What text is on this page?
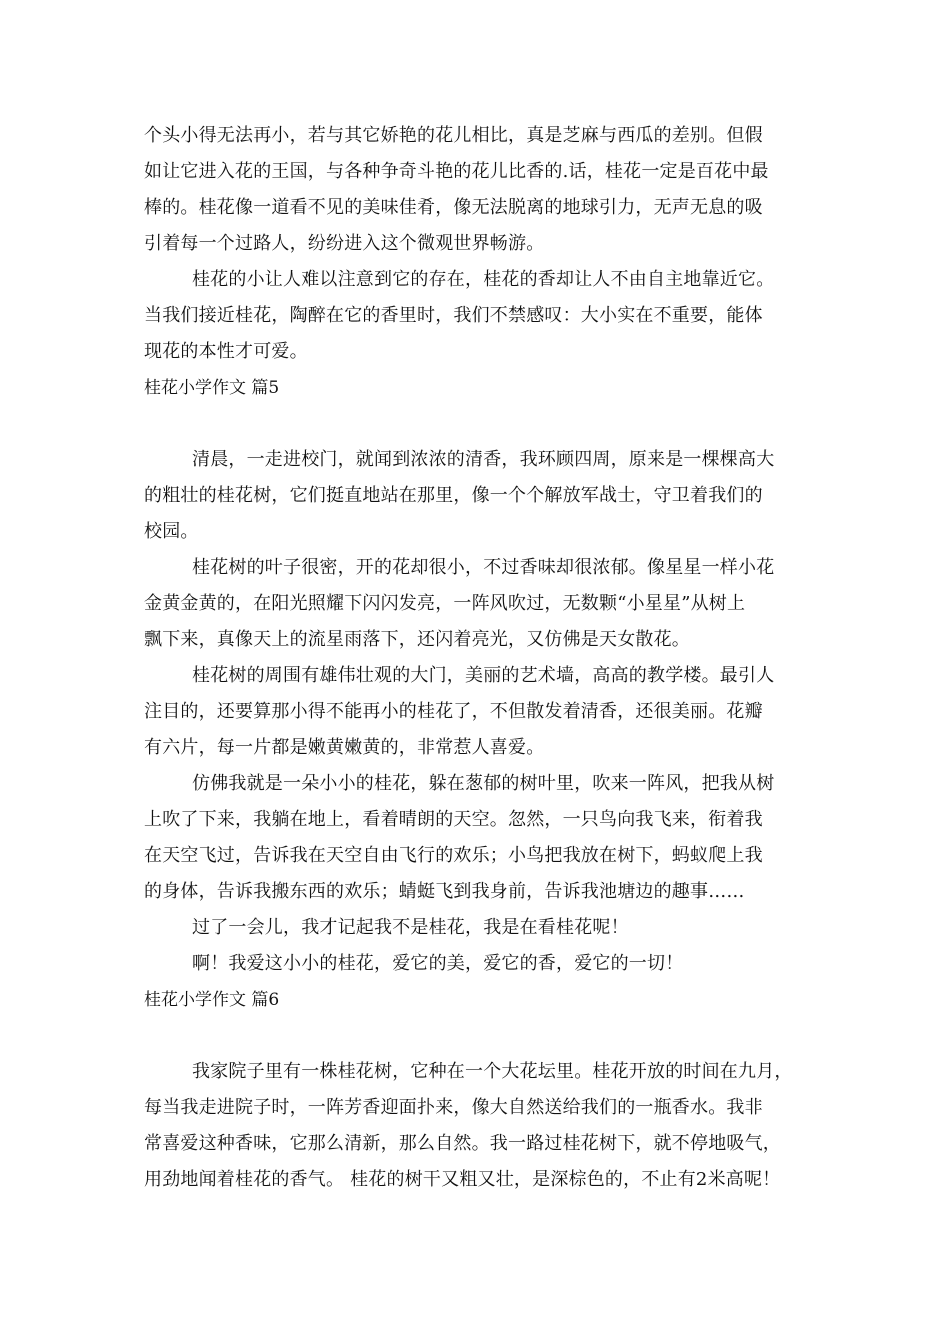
个头小得无法再小，若与其它娇艳的花儿相比，真是芝麻与西瓜的差别。但假
如让它进入花的王国，与各种争奇斗艳的花儿比香的.话，桂花一定是百花中最
棒的。桂花像一道看不见的美味佳肴，像无法脱离的地球引力，无声无息的吸
引着每一个过路人，纷纷进入这个微观世界畅游。
桂花的小让人难以注意到它的存在，桂花的香却让人不由自主地靠近它。
当我们接近桂花，陶醉在它的香里时，我们不禁感叹：大小实在不重要，能体
现花的本性才可爱。
桂花小学作文 篇5
清晨，一走进校门，就闻到浓浓的清香，我环顾四周，原来是一棵棵高大
的粗壮的桂花树，它们挺直地站在那里，像一个个解放军战士，守卫着我们的
校园。
桂花树的叶子很密，开的花却很小，不过香味却很浓郁。像星星一样小花
金黄金黄的，在阳光照耀下闪闪发亮，一阵风吹过，无数颗“小星星”从树上
飘下来，真像天上的流星雨落下，还闪着亮光，又仿佛是天女散花。
桂花树的周围有雄伟壮观的大门，美丽的艺术墙，高高的教学楼。最引人
注目的，还要算那小得不能再小的桂花了，不但散发着清香，还很美丽。花瓣
有六片，每一片都是嫩黄嫩黄的，非常惹人喜爱。
仿佛我就是一朵小小的桂花，躲在葱郁的树叶里，吹来一阵风，把我从树
上吹了下来，我躺在地上，看着晴朗的天空。忽然，一只鸟向我飞来，衔着我
在天空飞过，告诉我在天空自由飞行的欢乐；小鸟把我放在树下，蚂蚁爬上我
的身体，告诉我搬东西的欢乐；蜻蜓飞到我身前，告诉我池塘边的趣事……
过了一会儿，我才记起我不是桂花，我是在看桂花呢！
啊！我爱这小小的桂花，爱它的美，爱它的香，爱它的一切！
桂花小学作文 篇6
我家院子里有一株桂花树，它种在一个大花坛里。桂花开放的时间在九月，
每当我走进院子时，一阵芳香迎面扑来，像大自然送给我们的一瓶香水。我非
常喜爱这种香味，它那么清新，那么自然。我一路过桂花树下，就不停地吸气，
用劲地闻着桂花的香气。 桂花的树干又粗又壮，是深棕色的，不止有2米高呢！
